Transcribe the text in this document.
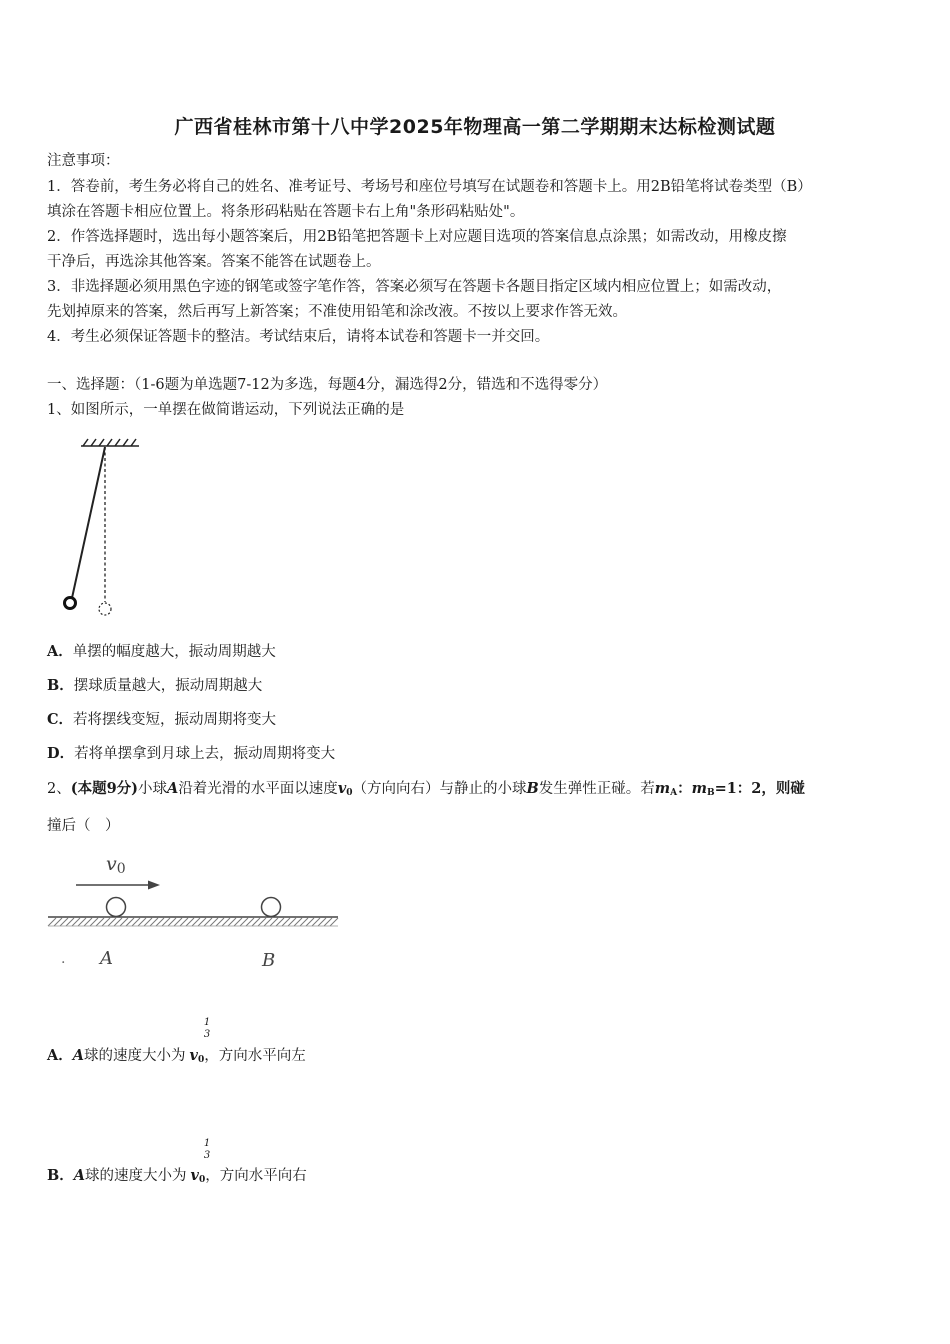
广西省桂林市第十八中学2025年物理高一第二学期期末达标检测试题
注意事项：
1．答卷前，考生务必将自己的姓名、准考证号、考场号和座位号填写在试题卷和答题卡上。用2B铅笔将试卷类型（B）
填涂在答题卡相应位置上。将条形码粘贴在答题卡右上角"条形码粘贴处"。
2．作答选择题时，选出每小题答案后，用2B铅笔把答题卡上对应题目选项的答案信息点涂黑；如需改动，用橡皮擦
干净后，再选涂其他答案。答案不能答在试题卷上。
3．非选择题必须用黑色字迹的钢笔或签字笔作答，答案必须写在答题卡各题目指定区域内相应位置上；如需改动，
先划掉原来的答案，然后再写上新答案；不准使用铅笔和涂改液。不按以上要求作答无效。
4．考生必须保证答题卡的整洁。考试结束后，请将本试卷和答题卡一并交回。
一、选择题：（1-6题为单选题7-12为多选，每题4分，漏选得2分，错选和不选得零分）
1、如图所示，一单摆在做简谐运动，下列说法正确的是
A．单摆的幅度越大，振动周期越大
B．摆球质量越大，振动周期越大
C．若将摆线变短，振动周期将变大
D．若将单摆拿到月球上去，振动周期将变大
2、(本题9分)小球A沿着光滑的水平面以速度$v_0$（方向向右）与静止的小球B发生弹性正碰。若$m_A$：$m_B=1$：2，则碰
撞后（　）
v0
. A	B
1
3
A．A球的速度大小为 $v_0$，方向水平向左
1
3
B．A球的速度大小为 $v_0$，方向水平向右
